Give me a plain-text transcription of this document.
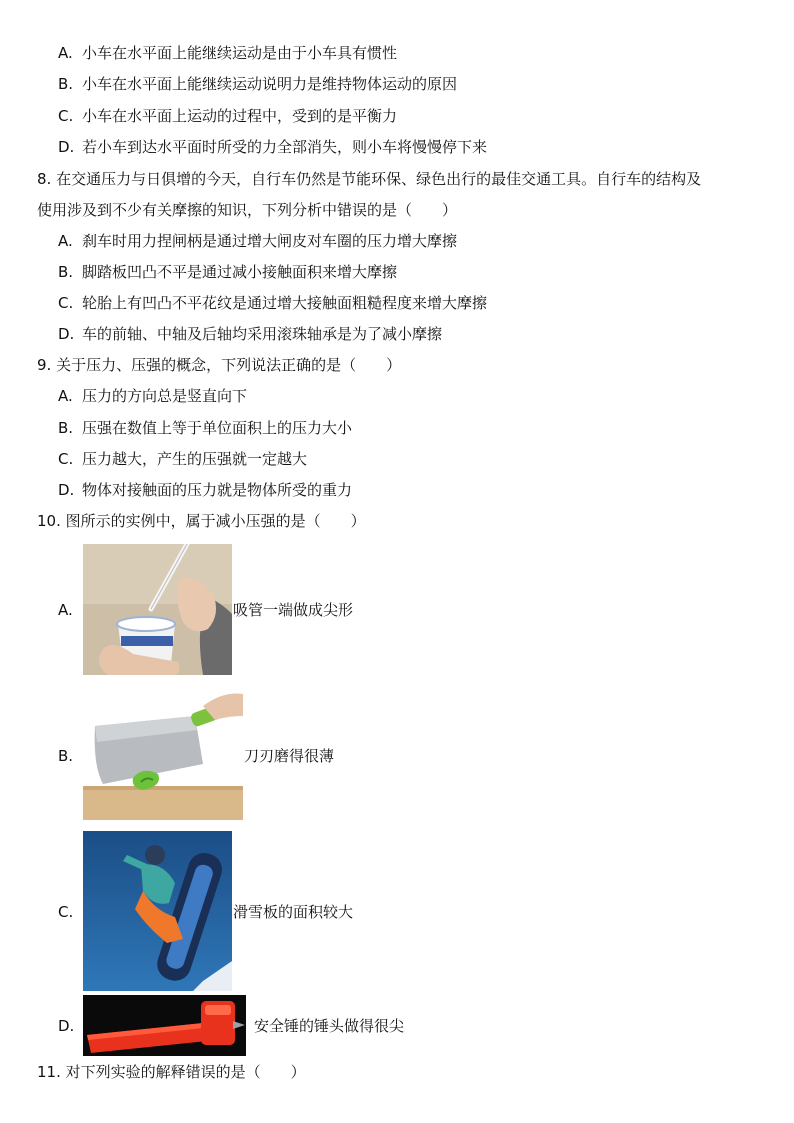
A. 小车在水平面上能继续运动是由于小车具有惯性
B. 小车在水平面上能继续运动说明力是维持物体运动的原因
C. 小车在水平面上运动的过程中，受到的是平衡力
D. 若小车到达水平面时所受的力全部消失，则小车将慢慢停下来
8. 在交通压力与日俱增的今天，自行车仍然是节能环保、绿色出行的最佳交通工具。自行车的结构及
使用涉及到不少有关摩擦的知识，下列分析中错误的是（　　）
A. 刹车时用力捏闸柄是通过增大闸皮对车圈的压力增大摩擦
B. 脚踏板凹凸不平是通过减小接触面积来增大摩擦
C. 轮胎上有凹凸不平花纹是通过增大接触面粗糙程度来增大摩擦
D. 车的前轴、中轴及后轴均采用滚珠轴承是为了减小摩擦
9. 关于压力、压强的概念，下列说法正确的是（　　）
A. 压力的方向总是竖直向下
B. 压强在数值上等于单位面积上的压力大小
C. 压力越大，产生的压强就一定越大
D. 物体对接触面的压力就是物体所受的重力
10. 图所示的实例中，属于减小压强的是（　　）
A.	吸管一端做成尖形
B.	刀刃磨得很薄
C.	滑雪板的面积较大
D.	安全锤的锤头做得很尖
11. 对下列实验的解释错误的是（　　）
